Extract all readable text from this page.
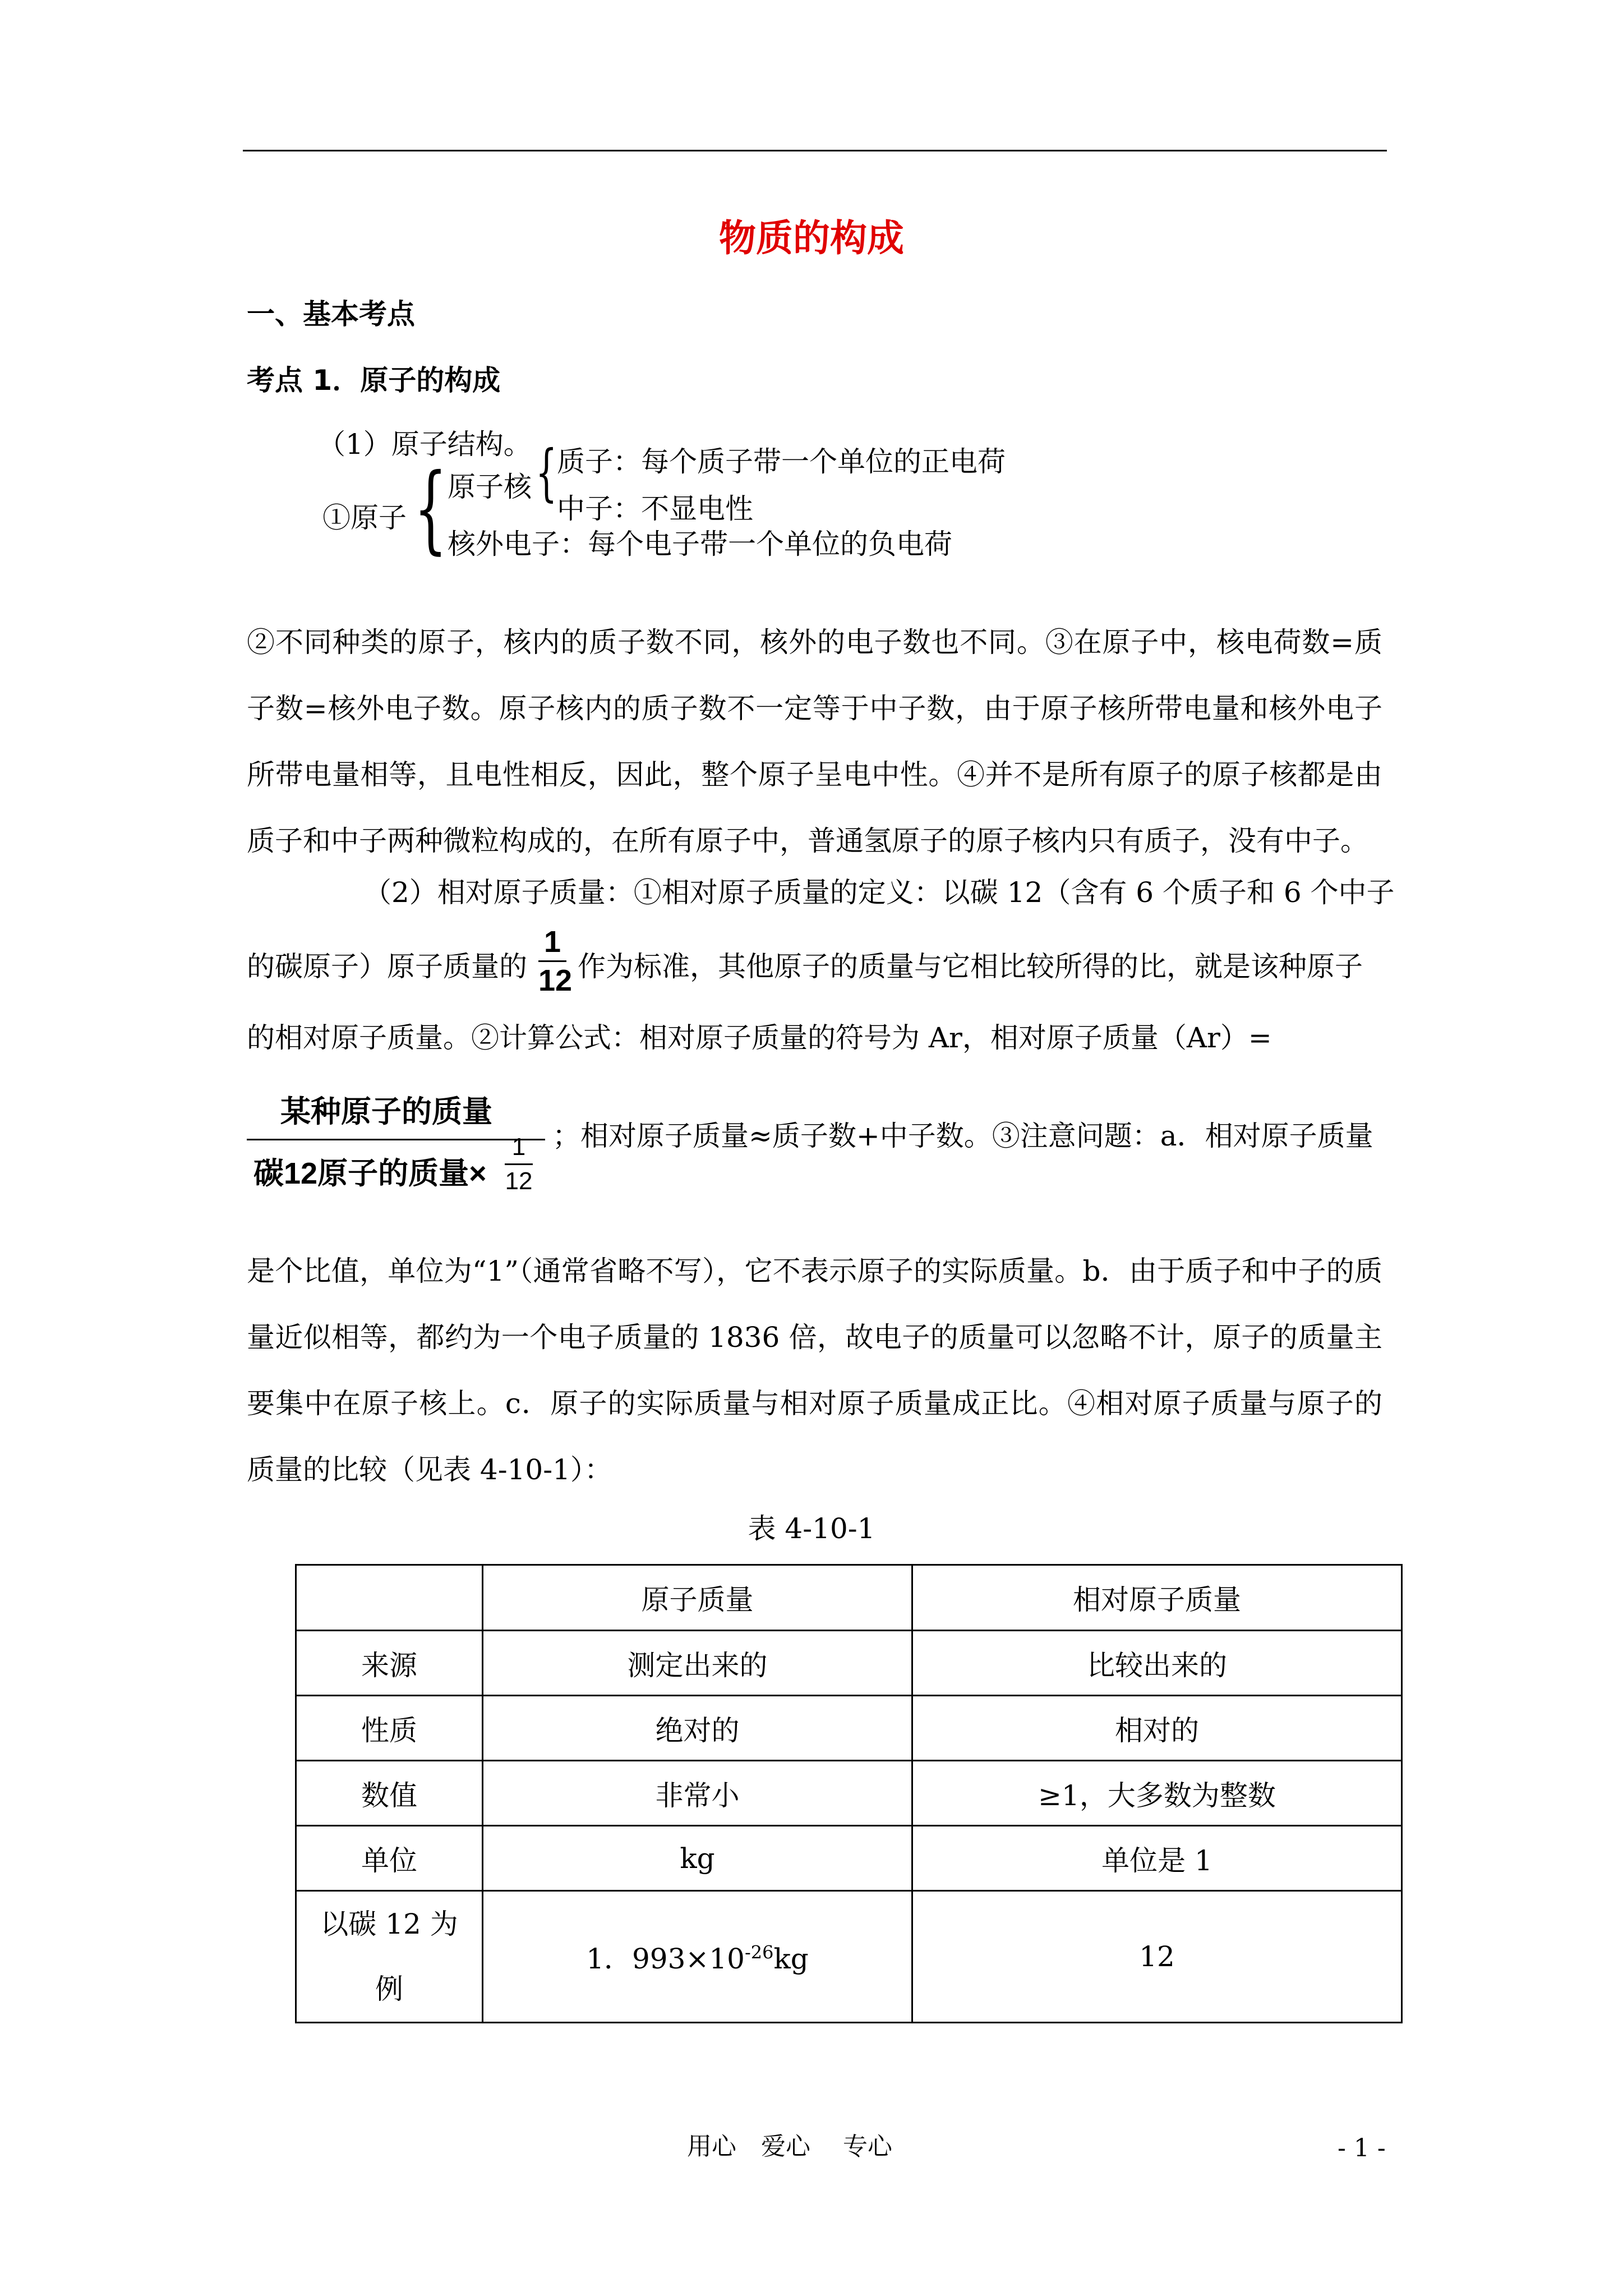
物质的构成
一、基本考点
考点 1．原子的构成
（1）原子结构。
①原子 { 原子核 { 质子：每个质子带一个单位的正电荷
中子：不显电性
核外电子：每个电子带一个单位的负电荷
②不同种类的原子，核内的质子数不同，核外的电子数也不同。③在原子中，核电荷数=质子数=核外电子数。原子核内的质子数不一定等于中子数，由于原子核所带电量和核外电子所带电量相等，且电性相反，因此，整个原子呈电中性。④并不是所有原子的原子核都是由质子和中子两种微粒构成的，在所有原子中，普通氢原子的原子核内只有质子，没有中子。
（2）相对原子质量：①相对原子质量的定义：以碳 12（含有 6 个质子和 6 个中子
的碳原子）原子质量的
1
12 作为标准，其他原子的质量与它相比较所得的比，就是该种原子
的相对原子质量。②计算公式：相对原子质量的符号为 Ar，相对原子质量（Ar）=
某种原子的质量
碳12原子的质量×
1
12
；相对原子质量≈质子数+中子数。③注意问题：a．相对原子质量
是个比值，单位为“1”（通常省略不写），它不表示原子的实际质量。b．由于质子和中子的质量近似相等，都约为一个电子质量的 1836 倍，故电子的质量可以忽略不计，原子的质量主要集中在原子核上。c．原子的实际质量与相对原子质量成正比。④相对原子质量与原子的质量的比较（见表 4-10-1）：
表 4-10-1
	原子质量	相对原子质量
来源	测定出来的	比较出来的
性质	绝对的	相对的
数值	非常小	≥1，大多数为整数
单位	kg	单位是 1
以碳 12 为
例	1．$993\times 10^{-26}kg$	12
用心　爱心　 专心	- 1 -
